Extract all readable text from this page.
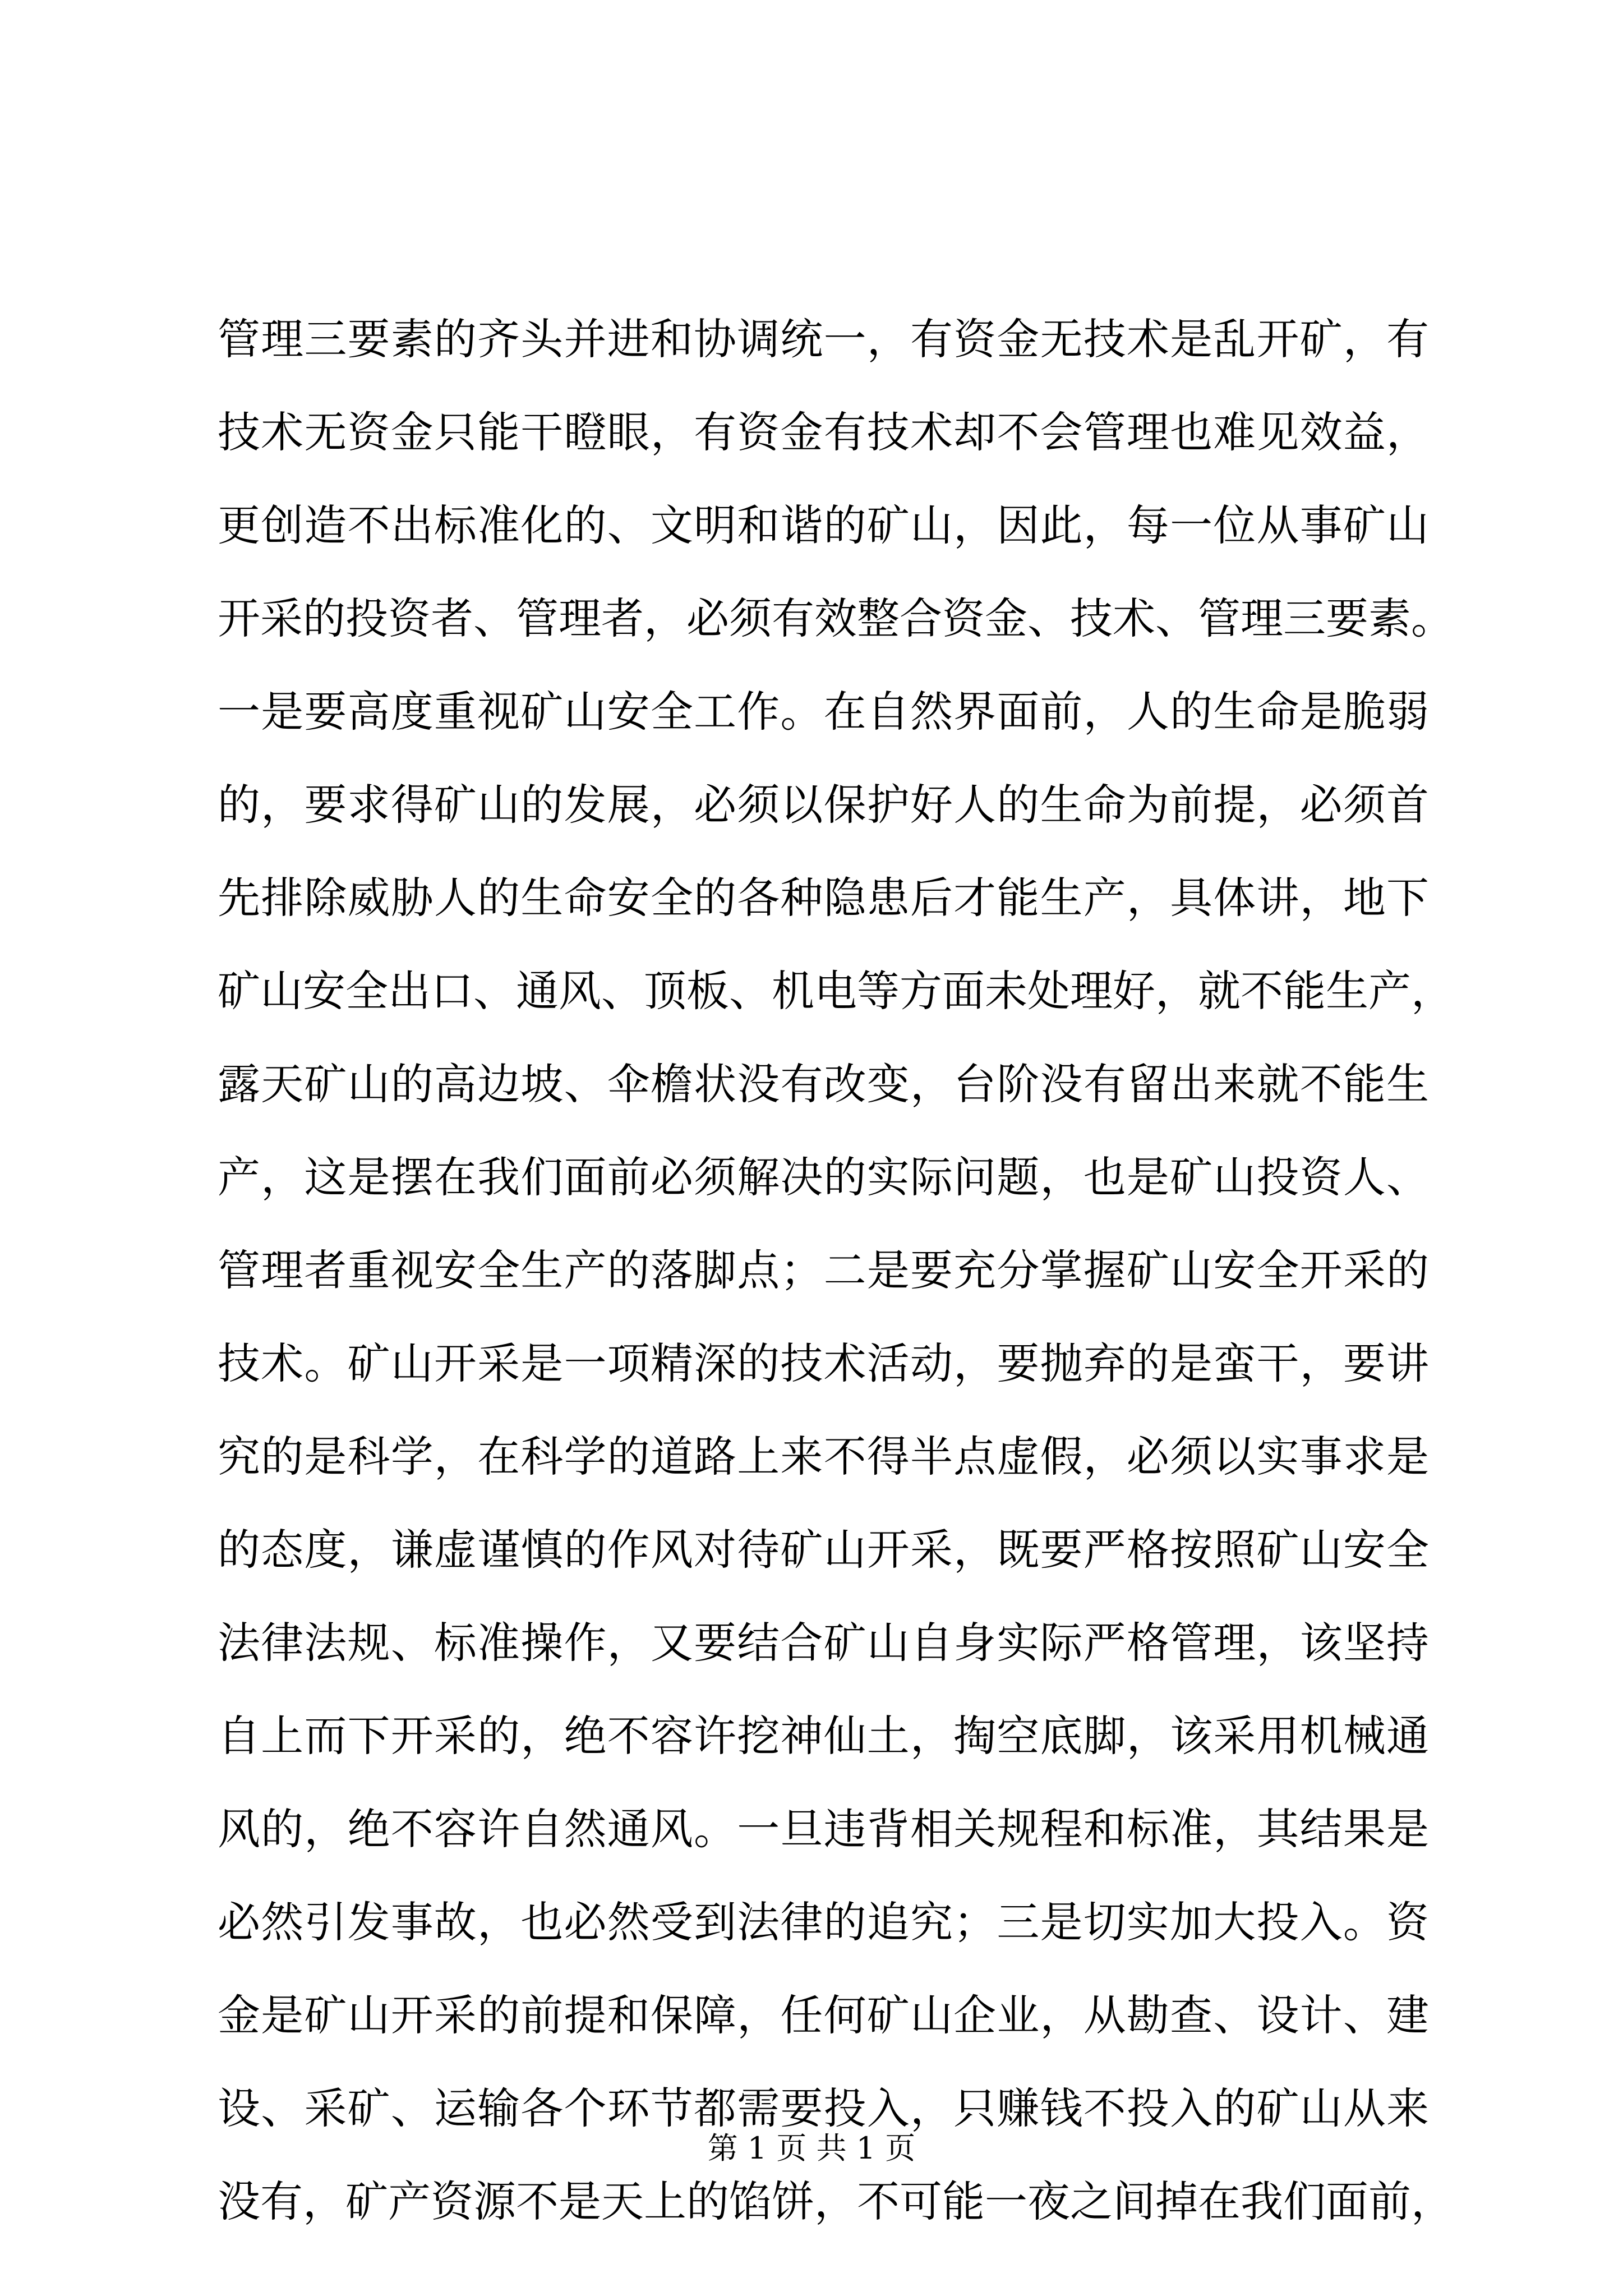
管理三要素的齐头并进和协调统一，有资金无技术是乱开矿，有
技术无资金只能干瞪眼，有资金有技术却不会管理也难见效益，
更创造不出标准化的、文明和谐的矿山，因此，每一位从事矿山
开采的投资者、管理者，必须有效整合资金、技术、管理三要素。
一是要高度重视矿山安全工作。在自然界面前，人的生命是脆弱
的，要求得矿山的发展，必须以保护好人的生命为前提，必须首
先排除威胁人的生命安全的各种隐患后才能生产，具体讲，地下
矿山安全出口、通风、顶板、机电等方面未处理好，就不能生产，
露天矿山的高边坡、伞檐状没有改变，台阶没有留出来就不能生
产，这是摆在我们面前必须解决的实际问题，也是矿山投资人、
管理者重视安全生产的落脚点；二是要充分掌握矿山安全开采的
技术。矿山开采是一项精深的技术活动，要抛弃的是蛮干，要讲
究的是科学，在科学的道路上来不得半点虚假，必须以实事求是
的态度，谦虚谨慎的作风对待矿山开采，既要严格按照矿山安全
法律法规、标准操作，又要结合矿山自身实际严格管理，该坚持
自上而下开采的，绝不容许挖神仙土，掏空底脚，该采用机械通
风的，绝不容许自然通风。一旦违背相关规程和标准，其结果是
必然引发事故，也必然受到法律的追究；三是切实加大投入。资
金是矿山开采的前提和保障，任何矿山企业，从勘查、设计、建
设、采矿、运输各个环节都需要投入，只赚钱不投入的矿山从来
没有，矿产资源不是天上的馅饼，不可能一夜之间掉在我们面前，
第 1 页 共 1 页
